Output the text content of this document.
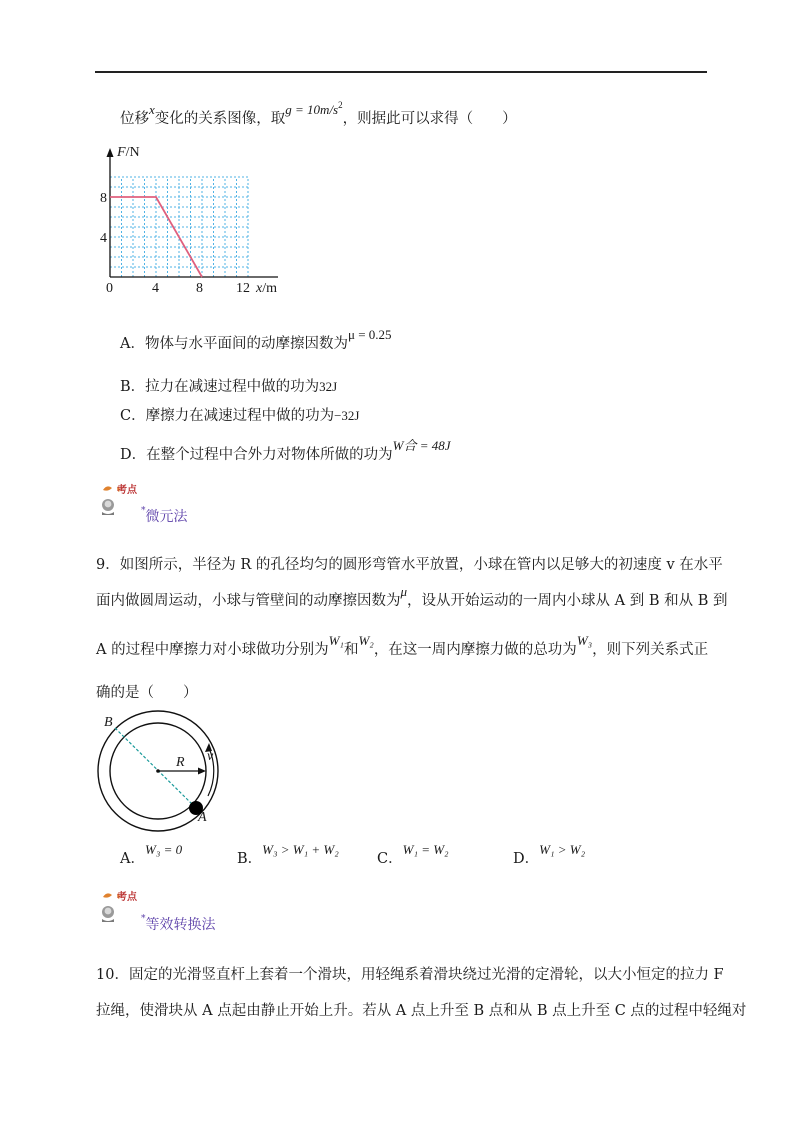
位移x变化的关系图像，取$g = 10m/s^2$，则据此可以求得（　　）
F/N
8
4
0	4	8 12 x/m
A．物体与水平面间的动摩擦因数为μ = 0.25
B．拉力在减速过程中做的功为32J
C．摩擦力在减速过程中做的功为−32J
D．在整个过程中合外力对物体所做的功为W合 = 48J
考点
*微元法
9．如图所示，半径为 R 的孔径均匀的圆形弯管水平放置，小球在管内以足够大的初速度 v 在水平
面内做圆周运动，小球与管壁间的动摩擦因数为μ，设从开始运动的一周内小球从 A 到 B 和从 B 到
A 的过程中摩擦力对小球做功分别为W₁和W₂，在这一周内摩擦力做的总功为W₃，则下列关系式正
确的是（　　）
B
R v
A
A．W₃ = 0
B．W₃ > W₁ + W₂
C．W₁ = W₂
D．W₁ > W₂
考点
*等效转换法
10．固定的光滑竖直杆上套着一个滑块，用轻绳系着滑块绕过光滑的定滑轮，以大小恒定的拉力 F
拉绳，使滑块从 A 点起由静止开始上升。若从 A 点上升至 B 点和从 B 点上升至 C 点的过程中轻绳对
